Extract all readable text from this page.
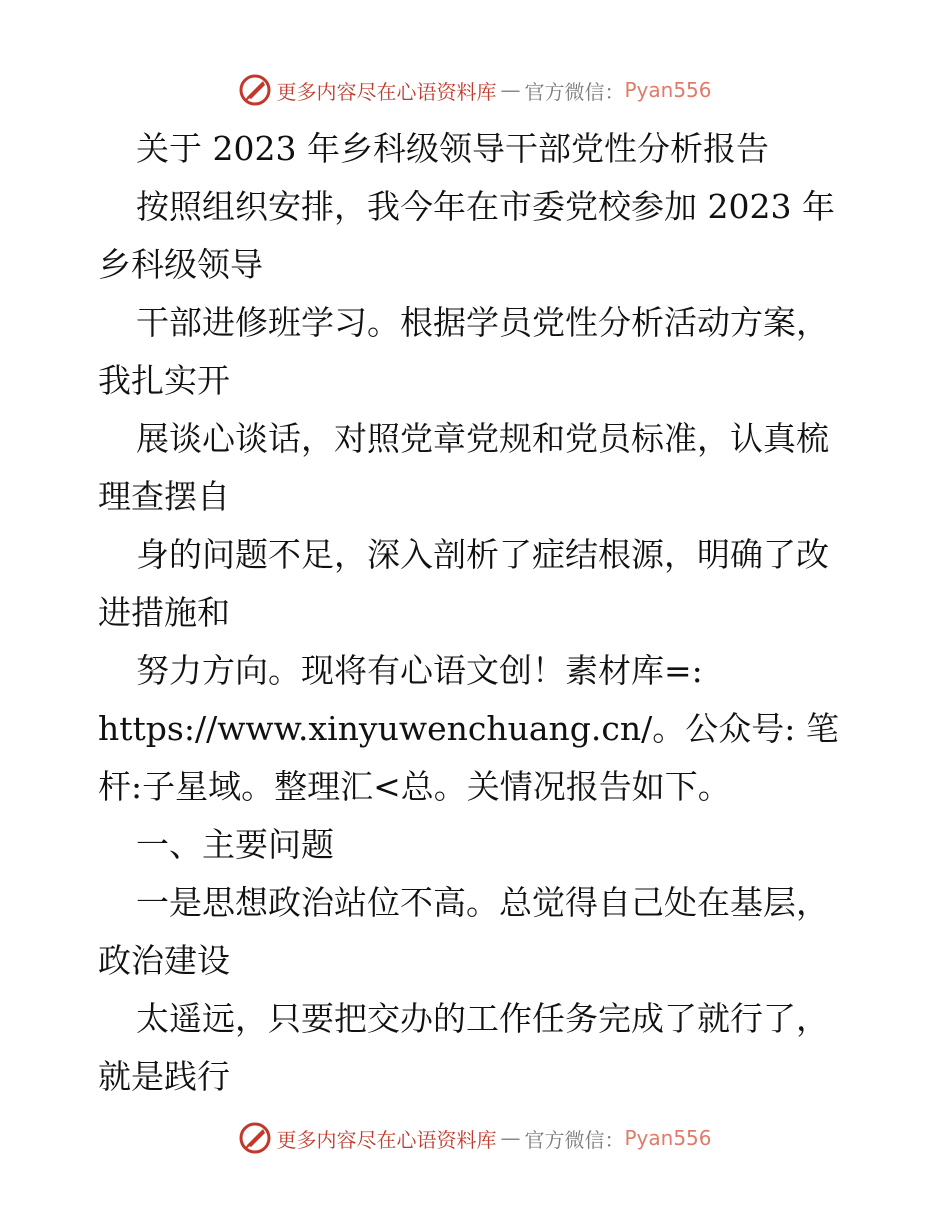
更多内容尽在心语资料库 — 官方微信： Pyan556
关于 2023 年乡科级领导干部党性分析报告
按照组织安排，我今年在市委党校参加 2023 年
乡科级领导
干部进修班学习。根据学员党性分析活动方案，
我扎实开
展谈心谈话，对照党章党规和党员标准，认真梳
理查摆自
身的问题不足，深入剖析了症结根源，明确了改
进措施和
努力方向。现将有心语文创！素材库=:
https://www.xinyuwenchuang.cn/。公众号: 笔
杆:子星域。整理汇<总。关情况报告如下。
一、主要问题
一是思想政治站位不高。总觉得自己处在基层，
政治建设
太遥远，只要把交办的工作任务完成了就行了，
就是践行
更多内容尽在心语资料库 — 官方微信： Pyan556
